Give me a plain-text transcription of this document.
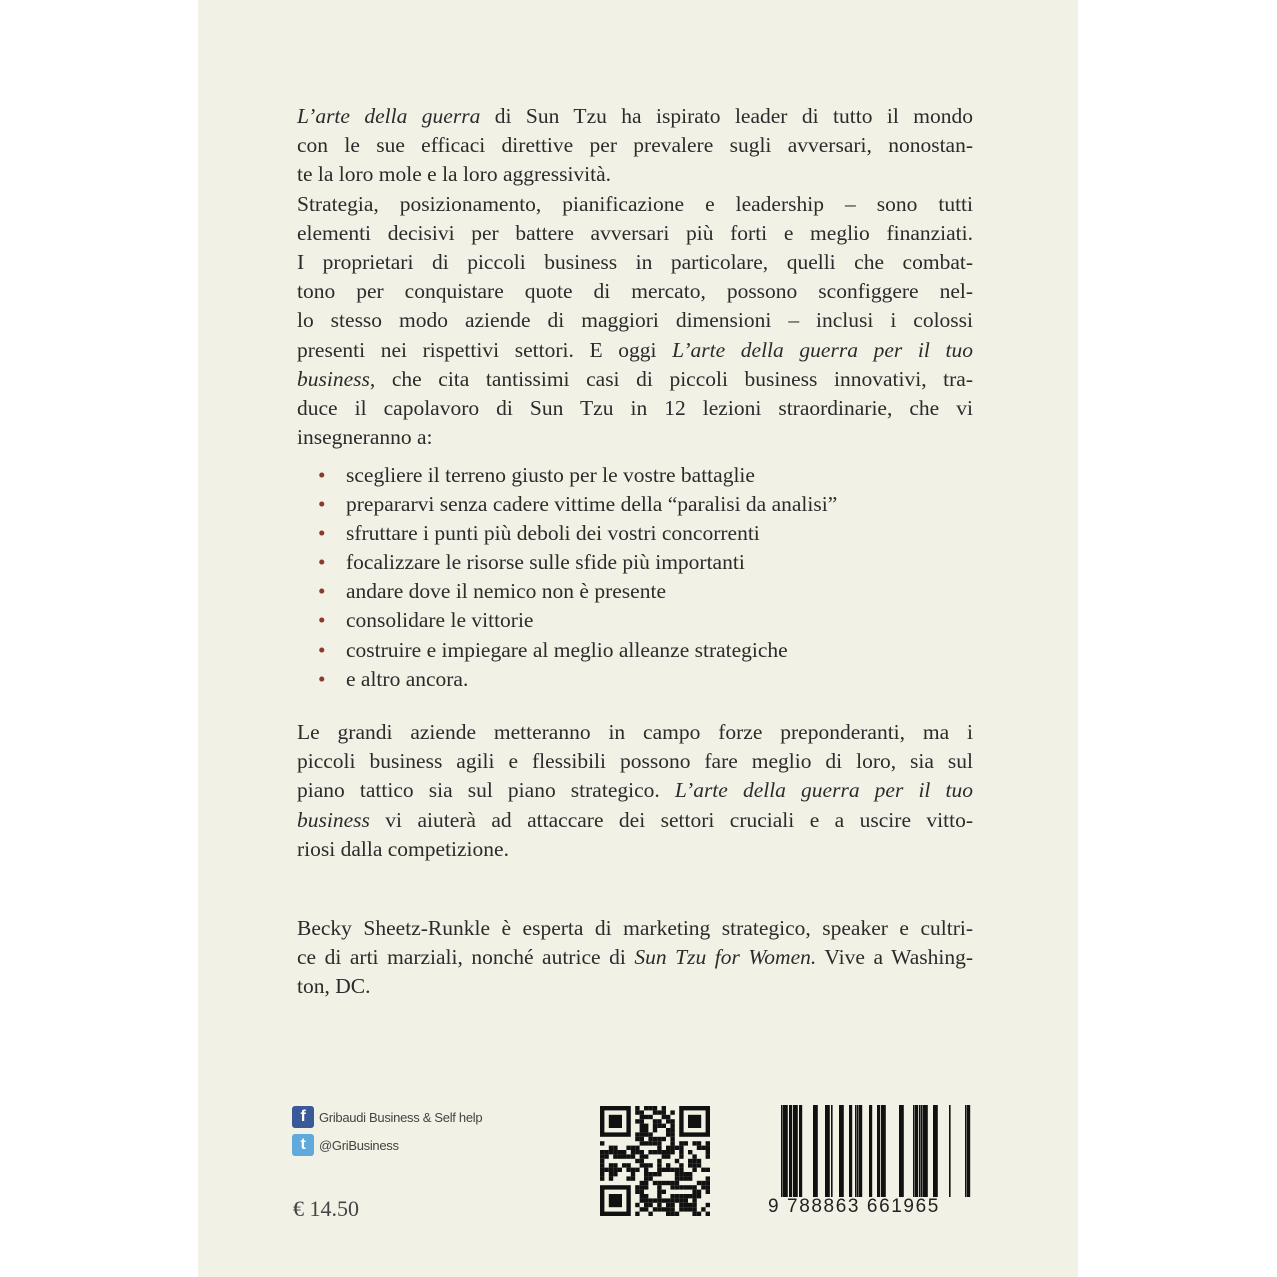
L’arte della guerra di Sun Tzu ha ispirato leader di tutto il mondo
con le sue efficaci direttive per prevalere sugli avversari, nonostan-
te la loro mole e la loro aggressività.
Strategia, posizionamento, pianificazione e leadership – sono tutti
elementi decisivi per battere avversari più forti e meglio finanziati.
I proprietari di piccoli business in particolare, quelli che combat-
tono per conquistare quote di mercato, possono sconfiggere nel-
lo stesso modo aziende di maggiori dimensioni – inclusi i colossi
presenti nei rispettivi settori. E oggi L’arte della guerra per il tuo
business, che cita tantissimi casi di piccoli business innovativi, tra-
duce il capolavoro di Sun Tzu in 12 lezioni straordinarie, che vi
insegneranno a:
• scegliere il terreno giusto per le vostre battaglie
• prepararvi senza cadere vittime della “paralisi da analisi”
• sfruttare i punti più deboli dei vostri concorrenti
• focalizzare le risorse sulle sfide più importanti
• andare dove il nemico non è presente
• consolidare le vittorie
• costruire e impiegare al meglio alleanze strategiche
• e altro ancora.
Le grandi aziende metteranno in campo forze preponderanti, ma i
piccoli business agili e flessibili possono fare meglio di loro, sia sul
piano tattico sia sul piano strategico. L’arte della guerra per il tuo
business vi aiuterà ad attaccare dei settori cruciali e a uscire vitto-
riosi dalla competizione.
Becky Sheetz-Runkle è esperta di marketing strategico, speaker e cultri-
ce di arti marziali, nonché autrice di Sun Tzu for Women. Vive a Washing-
ton, DC.
f	Gribaudi Business & Self help
t	@GriBusiness
€ 14.50	9 788863 661965
